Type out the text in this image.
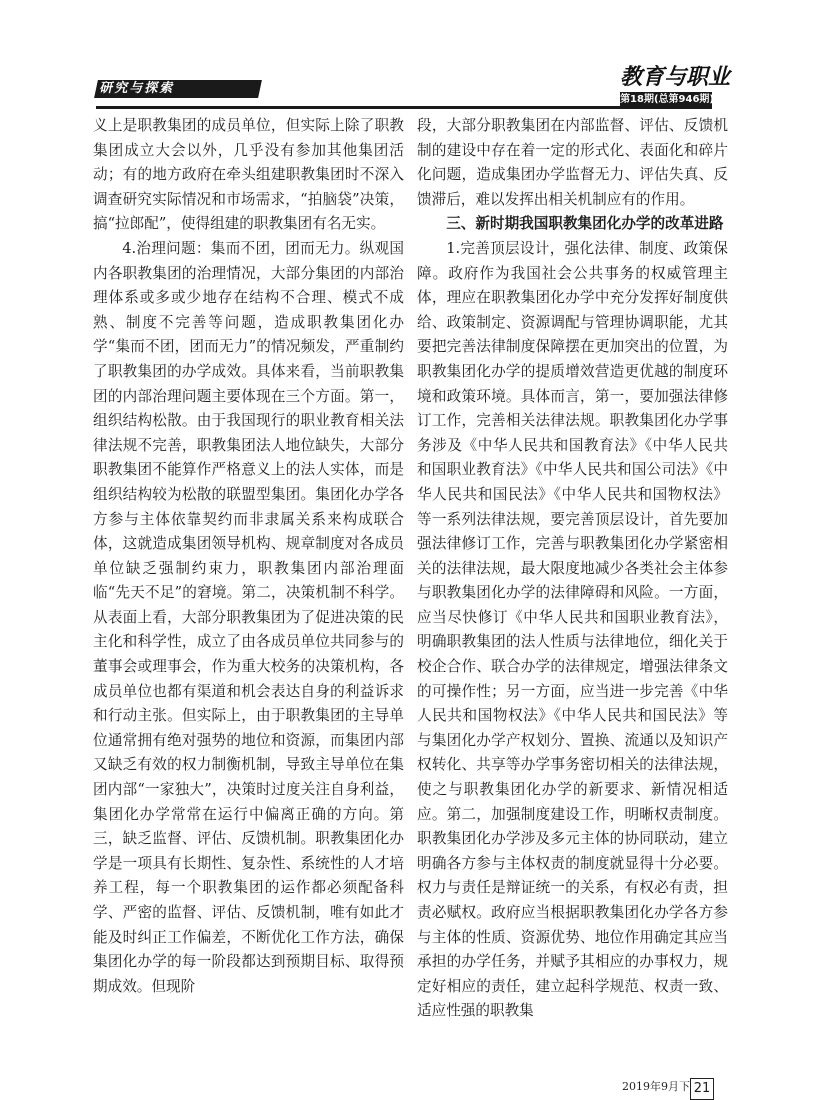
研究与探索	教育与职业
第18期(总第946期)

义上是职教集团的成员单位，但实际上除了职教集团成立大会以外，几乎没有参加其他集团活动；有的地方政府在牵头组建职教集团时不深入调查研究实际情况和市场需求，“拍脑袋”决策，搞“拉郎配”，使得组建的职教集团有名无实。

4.治理问题：集而不团，团而无力。纵观国内各职教集团的治理情况，大部分集团的内部治理体系或多或少地存在结构不合理、模式不成熟、制度不完善等问题，造成职教集团化办学“集而不团，团而无力”的情况频发，严重制约了职教集团的办学成效。具体来看，当前职教集团的内部治理问题主要体现在三个方面。第一，组织结构松散。由于我国现行的职业教育相关法律法规不完善，职教集团法人地位缺失，大部分职教集团不能算作严格意义上的法人实体，而是组织结构较为松散的联盟型集团。集团化办学各方参与主体依靠契约而非隶属关系来构成联合体，这就造成集团领导机构、规章制度对各成员单位缺乏强制约束力，职教集团内部治理面临“先天不足”的窘境。第二，决策机制不科学。从表面上看，大部分职教集团为了促进决策的民主化和科学性，成立了由各成员单位共同参与的董事会或理事会，作为重大校务的决策机构，各成员单位也都有渠道和机会表达自身的利益诉求和行动主张。但实际上，由于职教集团的主导单位通常拥有绝对强势的地位和资源，而集团内部又缺乏有效的权力制衡机制，导致主导单位在集团内部“一家独大”，决策时过度关注自身利益，集团化办学常常在运行中偏离正确的方向。第三，缺乏监督、评估、反馈机制。职教集团化办学是一项具有长期性、复杂性、系统性的人才培养工程，每一个职教集团的运作都必须配备科学、严密的监督、评估、反馈机制，唯有如此才能及时纠正工作偏差，不断优化工作方法，确保集团化办学的每一阶段都达到预期目标、取得预期成效。但现阶

段，大部分职教集团在内部监督、评估、反馈机制的建设中存在着一定的形式化、表面化和碎片化问题，造成集团办学监督无力、评估失真、反馈滞后，难以发挥出相关机制应有的作用。

三、新时期我国职教集团化办学的改革进路

1.完善顶层设计，强化法律、制度、政策保障。政府作为我国社会公共事务的权威管理主体，理应在职教集团化办学中充分发挥好制度供给、政策制定、资源调配与管理协调职能，尤其要把完善法律制度保障摆在更加突出的位置，为职教集团化办学的提质增效营造更优越的制度环境和政策环境。具体而言，第一，要加强法律修订工作，完善相关法律法规。职教集团化办学事务涉及《中华人民共和国教育法》《中华人民共和国职业教育法》《中华人民共和国公司法》《中华人民共和国民法》《中华人民共和国物权法》等一系列法律法规，要完善顶层设计，首先要加强法律修订工作，完善与职教集团化办学紧密相关的法律法规，最大限度地减少各类社会主体参与职教集团化办学的法律障碍和风险。一方面，应当尽快修订《中华人民共和国职业教育法》，明确职教集团的法人性质与法律地位，细化关于校企合作、联合办学的法律规定，增强法律条文的可操作性；另一方面，应当进一步完善《中华人民共和国物权法》《中华人民共和国民法》等与集团化办学产权划分、置换、流通以及知识产权转化、共享等办学事务密切相关的法律法规，使之与职教集团化办学的新要求、新情况相适应。第二，加强制度建设工作，明晰权责制度。职教集团化办学涉及多元主体的协同联动，建立明确各方参与主体权责的制度就显得十分必要。权力与责任是辩证统一的关系，有权必有责，担责必赋权。政府应当根据职教集团化办学各方参与主体的性质、资源优势、地位作用确定其应当承担的办学任务，并赋予其相应的办事权力，规定好相应的责任，建立起科学规范、权责一致、适应性强的职教集

2019年9月下 21
